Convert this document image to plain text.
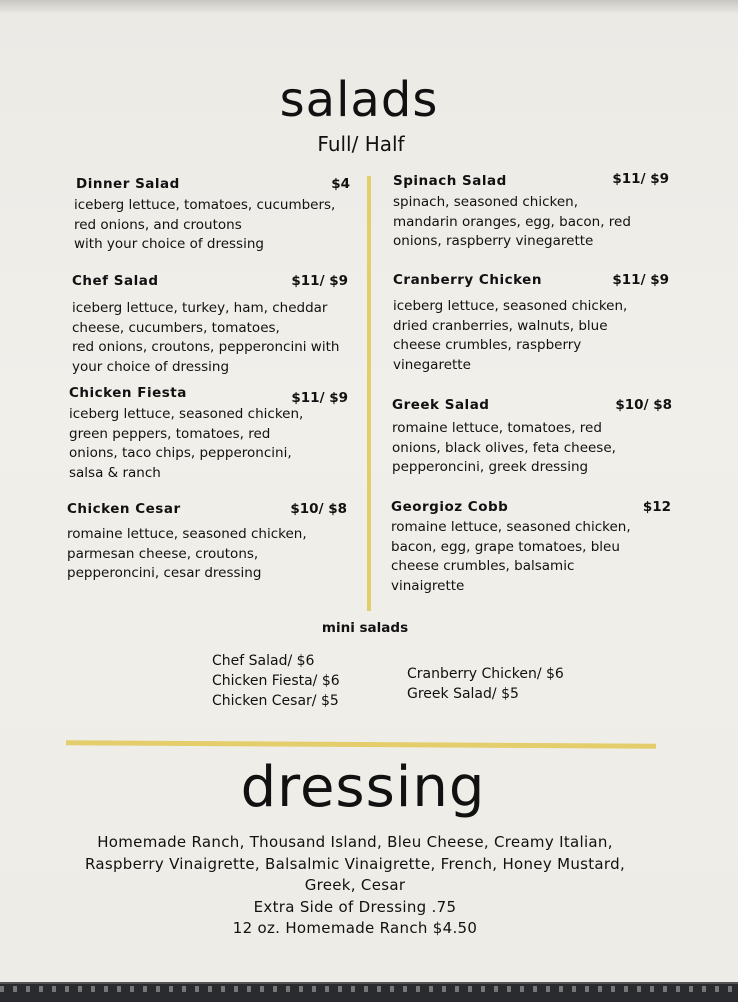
salads
Full/ Half
Dinner Salad	$4
iceberg lettuce, tomatoes, cucumbers,
red onions, and croutons
with your choice of dressing
Chef Salad	$11/ $9
iceberg lettuce, turkey, ham, cheddar
cheese, cucumbers, tomatoes,
red onions, croutons, pepperoncini with
your choice of dressing
Chicken Fiesta	$11/ $9
iceberg lettuce, seasoned chicken,
green peppers, tomatoes, red
onions, taco chips, pepperoncini,
salsa & ranch
Chicken Cesar	$10/ $8
romaine lettuce, seasoned chicken,
parmesan cheese, croutons,
pepperoncini, cesar dressing
Spinach Salad	$11/ $9
spinach, seasoned chicken,
mandarin oranges, egg, bacon, red
onions, raspberry vinegarette
Cranberry Chicken	$11/ $9
iceberg lettuce, seasoned chicken,
dried cranberries, walnuts, blue
cheese crumbles, raspberry
vinegarette
Greek Salad	$10/ $8
romaine lettuce, tomatoes, red
onions, black olives, feta cheese,
pepperoncini, greek dressing
Georgioz Cobb	$12
romaine lettuce, seasoned chicken,
bacon, egg, grape tomatoes, bleu
cheese crumbles, balsamic
vinaigrette
mini salads
Chef Salad/ $6
Chicken Fiesta/ $6
Chicken Cesar/ $5
Cranberry Chicken/ $6
Greek Salad/ $5
dressing
Homemade Ranch, Thousand Island, Bleu Cheese, Creamy Italian,
Raspberry Vinaigrette, Balsalmic Vinaigrette, French, Honey Mustard,
Greek, Cesar
Extra Side of Dressing .75
12 oz. Homemade Ranch $4.50
